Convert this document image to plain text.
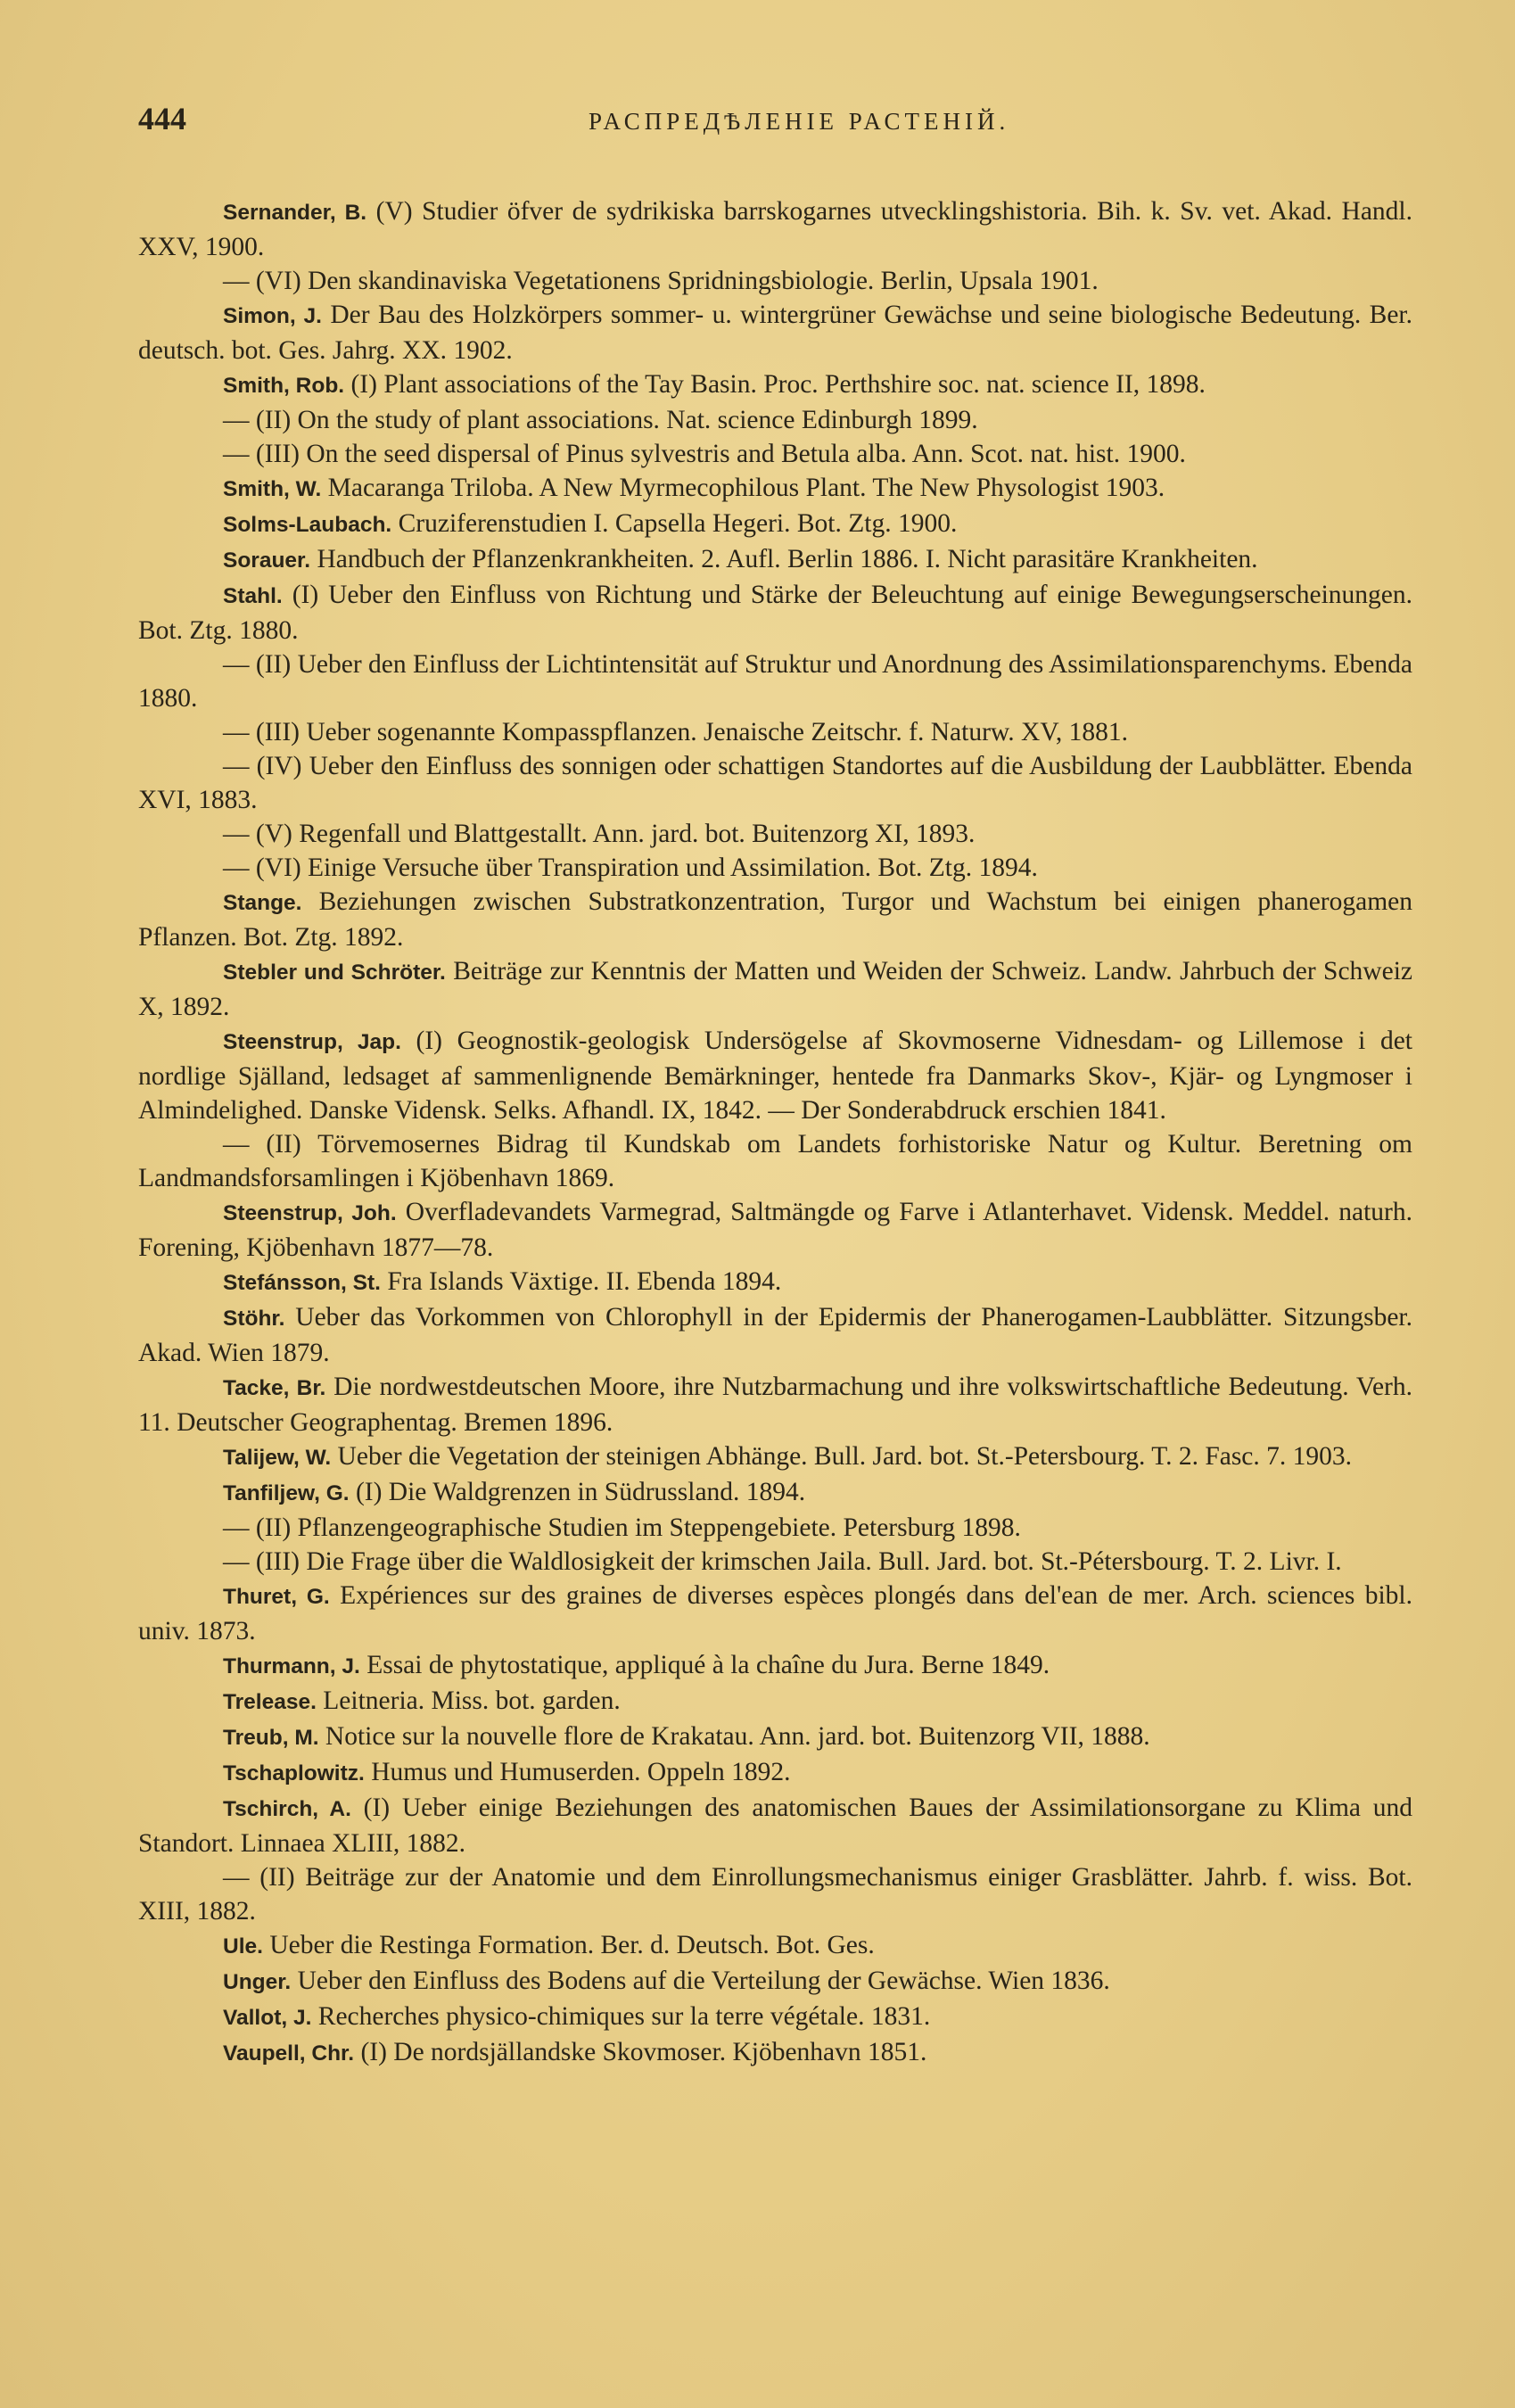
444	РАСПРЕДѢЛЕНІЕ РАСТЕНІЙ.
Sernander, B. (V) Studier öfver de sydrikiska barrskogarnes utvecklingshistoria. Bih. k. Sv. vet. Akad. Handl. XXV, 1900.
— (VI) Den skandinaviska Vegetationens Spridningsbiologie. Berlin, Upsala 1901.
Simon, J. Der Bau des Holzkörpers sommer- u. wintergrüner Gewächse und seine biologische Bedeutung. Ber. deutsch. bot. Ges. Jahrg. XX. 1902.
Smith, Rob. (I) Plant associations of the Tay Basin. Proc. Perthshire soc. nat. science II, 1898.
— (II) On the study of plant associations. Nat. science Edinburgh 1899.
— (III) On the seed dispersal of Pinus sylvestris and Betula alba. Ann. Scot. nat. hist. 1900.
Smith, W. Macaranga Triloba. A New Myrmecophilous Plant. The New Physologist 1903.
Solms-Laubach. Cruziferenstudien I. Capsella Hegeri. Bot. Ztg. 1900.
Sorauer. Handbuch der Pflanzenkrankheiten. 2. Aufl. Berlin 1886. I. Nicht parasitäre Krankheiten.
Stahl. (I) Ueber den Einfluss von Richtung und Stärke der Beleuchtung auf einige Bewegungserscheinungen. Bot. Ztg. 1880.
— (II) Ueber den Einfluss der Lichtintensität auf Struktur und Anordnung des Assimilationsparenchyms. Ebenda 1880.
— (III) Ueber sogenannte Kompasspflanzen. Jenaische Zeitschr. f. Naturw. XV, 1881.
— (IV) Ueber den Einfluss des sonnigen oder schattigen Standortes auf die Ausbildung der Laubblätter. Ebenda XVI, 1883.
— (V) Regenfall und Blattgestallt. Ann. jard. bot. Buitenzorg XI, 1893.
— (VI) Einige Versuche über Transpiration und Assimilation. Bot. Ztg. 1894.
Stange. Beziehungen zwischen Substratkonzentration, Turgor und Wachstum bei einigen phanerogamen Pflanzen. Bot. Ztg. 1892.
Stebler und Schröter. Beiträge zur Kenntnis der Matten und Weiden der Schweiz. Landw. Jahrbuch der Schweiz X, 1892.
Steenstrup, Jap. (I) Geognostik-geologisk Undersögelse af Skovmoserne Vidnesdam- og Lillemose i det nordlige Själland, ledsaget af sammenlignende Bemärkninger, hentede fra Danmarks Skov-, Kjär- og Lyngmoser i Almindelighed. Danske Vidensk. Selks. Afhandl. IX, 1842. — Der Sonderabdruck erschien 1841.
— (II) Törvemosernes Bidrag til Kundskab om Landets forhistoriske Natur og Kultur. Beretning om Landmandsforsamlingen i Kjöbenhavn 1869.
Steenstrup, Joh. Overfladevandets Varmegrad, Saltmängde og Farve i Atlanterhavet. Vidensk. Meddel. naturh. Forening, Kjöbenhavn 1877—78.
Stefánsson, St. Fra Islands Växtige. II. Ebenda 1894.
Stöhr. Ueber das Vorkommen von Chlorophyll in der Epidermis der Phanerogamen-Laubblätter. Sitzungsber. Akad. Wien 1879.
Tacke, Br. Die nordwestdeutschen Moore, ihre Nutzbarmachung und ihre volkswirtschaftliche Bedeutung. Verh. 11. Deutscher Geographentag. Bremen 1896.
Talijew, W. Ueber die Vegetation der steinigen Abhänge. Bull. Jard. bot. St.-Petersbourg. T. 2. Fasc. 7. 1903.
Tanfiljew, G. (I) Die Waldgrenzen in Südrussland. 1894.
— (II) Pflanzengeographische Studien im Steppengebiete. Petersburg 1898.
— (III) Die Frage über die Waldlosigkeit der krimschen Jaila. Bull. Jard. bot. St.-Pétersbourg. T. 2. Livr. I.
Thuret, G. Expériences sur des graines de diverses espèces plongés dans del'ean de mer. Arch. sciences bibl. univ. 1873.
Thurmann, J. Essai de phytostatique, appliqué à la chaîne du Jura. Berne 1849.
Trelease. Leitneria. Miss. bot. garden.
Treub, M. Notice sur la nouvelle flore de Krakatau. Ann. jard. bot. Buitenzorg VII, 1888.
Tschaplowitz. Humus und Humuserden. Oppeln 1892.
Tschirch, A. (I) Ueber einige Beziehungen des anatomischen Baues der Assimilationsorgane zu Klima und Standort. Linnaea XLIII, 1882.
— (II) Beiträge zur der Anatomie und dem Einrollungsmechanismus einiger Grasblätter. Jahrb. f. wiss. Bot. XIII, 1882.
Ule. Ueber die Restinga Formation. Ber. d. Deutsch. Bot. Ges.
Unger. Ueber den Einfluss des Bodens auf die Verteilung der Gewächse. Wien 1836.
Vallot, J. Recherches physico-chimiques sur la terre végétale. 1831.
Vaupell, Chr. (I) De nordsjällandske Skovmoser. Kjöbenhavn 1851.
